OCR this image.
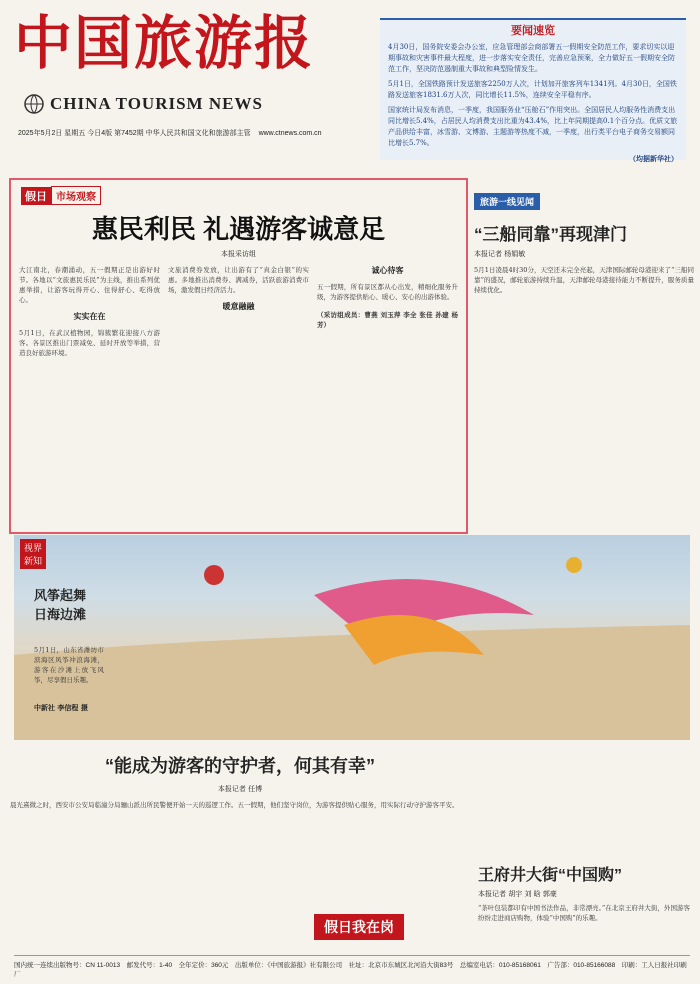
中国旅游报
CHINA TOURISM NEWS
2025年5月2日 星期五 今日4版 第7452期 中华人民共和国文化和旅游部主管 www.ctnews.com.cn
要闻速览

4月30日，国务院安委会办公室，应急管理部会商部署五一假期安全防范工作，要求切实以迎期事故和灾害事件最大程度，进一步落实安全责任，完善应急预案，全力做好五一假期安全防范工作，坚决防范遏制重大事故和典型险情发生。

5月1日，全国铁路预计发送旅客2250万人次，计划加开旅客列车1341列。4月30日，全国铁路发送旅客1831.6万人次，同比增长11.5%，连续安全平稳有序。

国家统计局发布消息，一季度，我国服务业“压舱石”作用突出。全国居民人均服务性消费支出同比增长5.4%，占居民人均消费支出比重为43.4%，比上年同期提高0.1个百分点。优质文旅产品供给丰富，冰雪游、文博游、主题游等热度不减，一季度，出行类平台电子商务交易额同比增长5.7%。

（均据新华社）

假日 市场观察
惠民利民 礼遇游客诚意足
本报采访组
大江南北，春潮涌动，五一假期正是出游好时节。各地以“文旅惠民乐民”为主线，推出系列优惠举措，让游客玩得开心、住得舒心、吃得放心。
实实在在
5月1日，在武汉植物园，锦簇繁花迎接八方游客。各景区推出门票减免、延时开放等举措，营造良好旅游环境。
文旅消费券发放，让出游有了“真金白银”的实惠。多地推出消费券、满减券，活跃旅游消费市场，激发假日经济活力。
暖意融融
诚心待客
五一假期，所有景区都从心出发，精细化服务升级，为游客提供贴心、暖心、安心的出游体验。
（采访组成员：曹燕 刘玉萍 李全 张佳 孙建 杨芳）
旅游一线见闻
“三船同靠”再现津门
本报记者 杨娟敏
5月1日凌晨4时30分，天空还未完全亮起，天津国际邮轮母港迎来了“三船同靠”的盛况，邮轮旅游持续升温，天津邮轮母港接待能力不断提升，服务质量持续优化。
视界
新知
风筝起舞 日海边滩
5月1日，山东省潍坊市滨海区风筝冲浪海滩，游客在沙滩上放飞风筝，尽享假日乐趣。
中新社 李信程 摄
“能成为游客的守护者，何其有幸”
本报记者 任博
晨光熹微之时，西安市公安局临潼分局骊山派出所民警便开始一天的巡逻工作。五一假期，他们坚守岗位，为游客提供贴心服务，用实际行动守护游客平安。
王府井大街“中国购”
本报记者 胡宇 刘 晗 郭豪
“茶叶包装都印有中国书法作品，非常漂亮。”在北京王府井大街，外国游客纷纷走进商店购物，体验“中国购”的乐趣。
假日我在岗
国内统一连续出版物号：CN 11-0013　邮发代号：1-40　全年定价：360元　出版单位：《中国旅游报》社有限公司　社址：北京市东城区北河沿大街83号　总编室电话：010-85168061　广告部：010-85166088　印刷：工人日报社印刷厂
